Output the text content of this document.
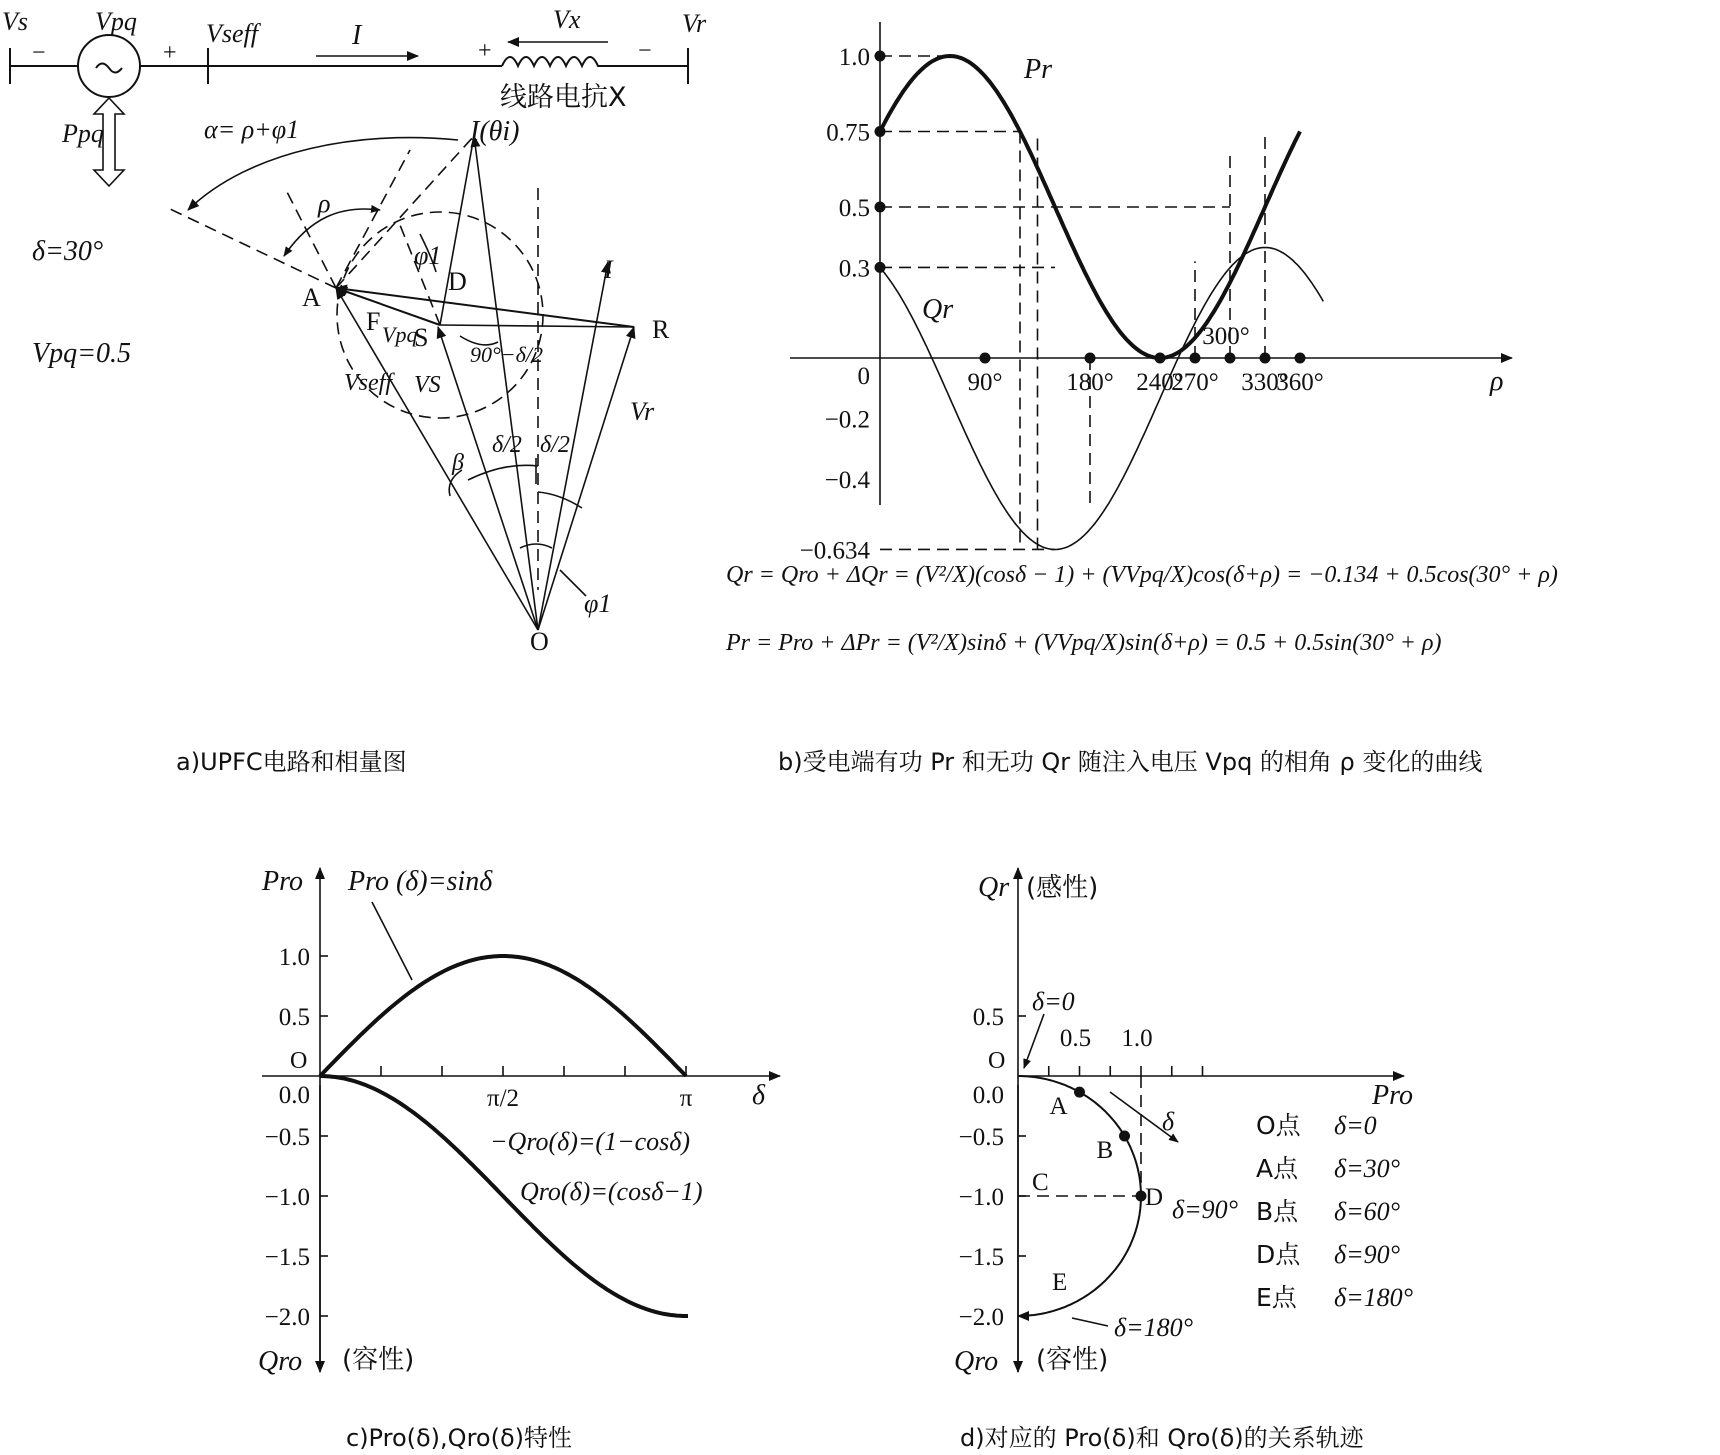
Vs	Vpq	Vseff	I
Vx	Vr
−	+	+	−
线路电抗X
Ppq
δ=30°
Vpq=0.5
α= ρ+φ1	I(θi)
ρ
φ1
D
A
F Vpq
S	R
I
90°−δ/2
Vseff VS
Vr
β
δ/2 δ/2
φ1
O
a)UPFC电路和相量图
ρ
1.0
0.75
0.5
0.3
0
−0.2
−0.4
−0.634
90°	180° 240°
270°
300°
330°
360°
Pr
Qr
Qr = Qro + ΔQr = (V²/X)(cosδ − 1) + (VVpq/X)cos(δ+ρ) = −0.134 + 0.5cos(30° + ρ)
Pr = Pro + ΔPr = (V²/X)sinδ + (VVpq/X)sin(δ+ρ) = 0.5 + 0.5sin(30° + ρ)
b)受电端有功 Pr 和无功 Qr 随注入电压 Vpq 的相角 ρ 变化的曲线
1.0
0.5
0.0
−0.5
−1.0
−1.5
−2.0
π/2	π
Pro Pro (δ)=sinδ
O
δ
−Qro(δ)=(1−cosδ)
Qro(δ)=(cosδ−1)
Qro (容性)
c)Pro(δ),Qro(δ)特性
0.5
0.0
−0.5
−1.0
−1.5
−2.0
0.5 1.0
A
B
D
C
E
Qr (感性)
δ=0
O
Pro
δ
δ=90°
δ=180°
Qro (容性)
O点 δ=0
A点 δ=30°
B点 δ=60°
D点 δ=90°
E点 δ=180°
d)对应的 Pro(δ)和 Qro(δ)的关系轨迹
